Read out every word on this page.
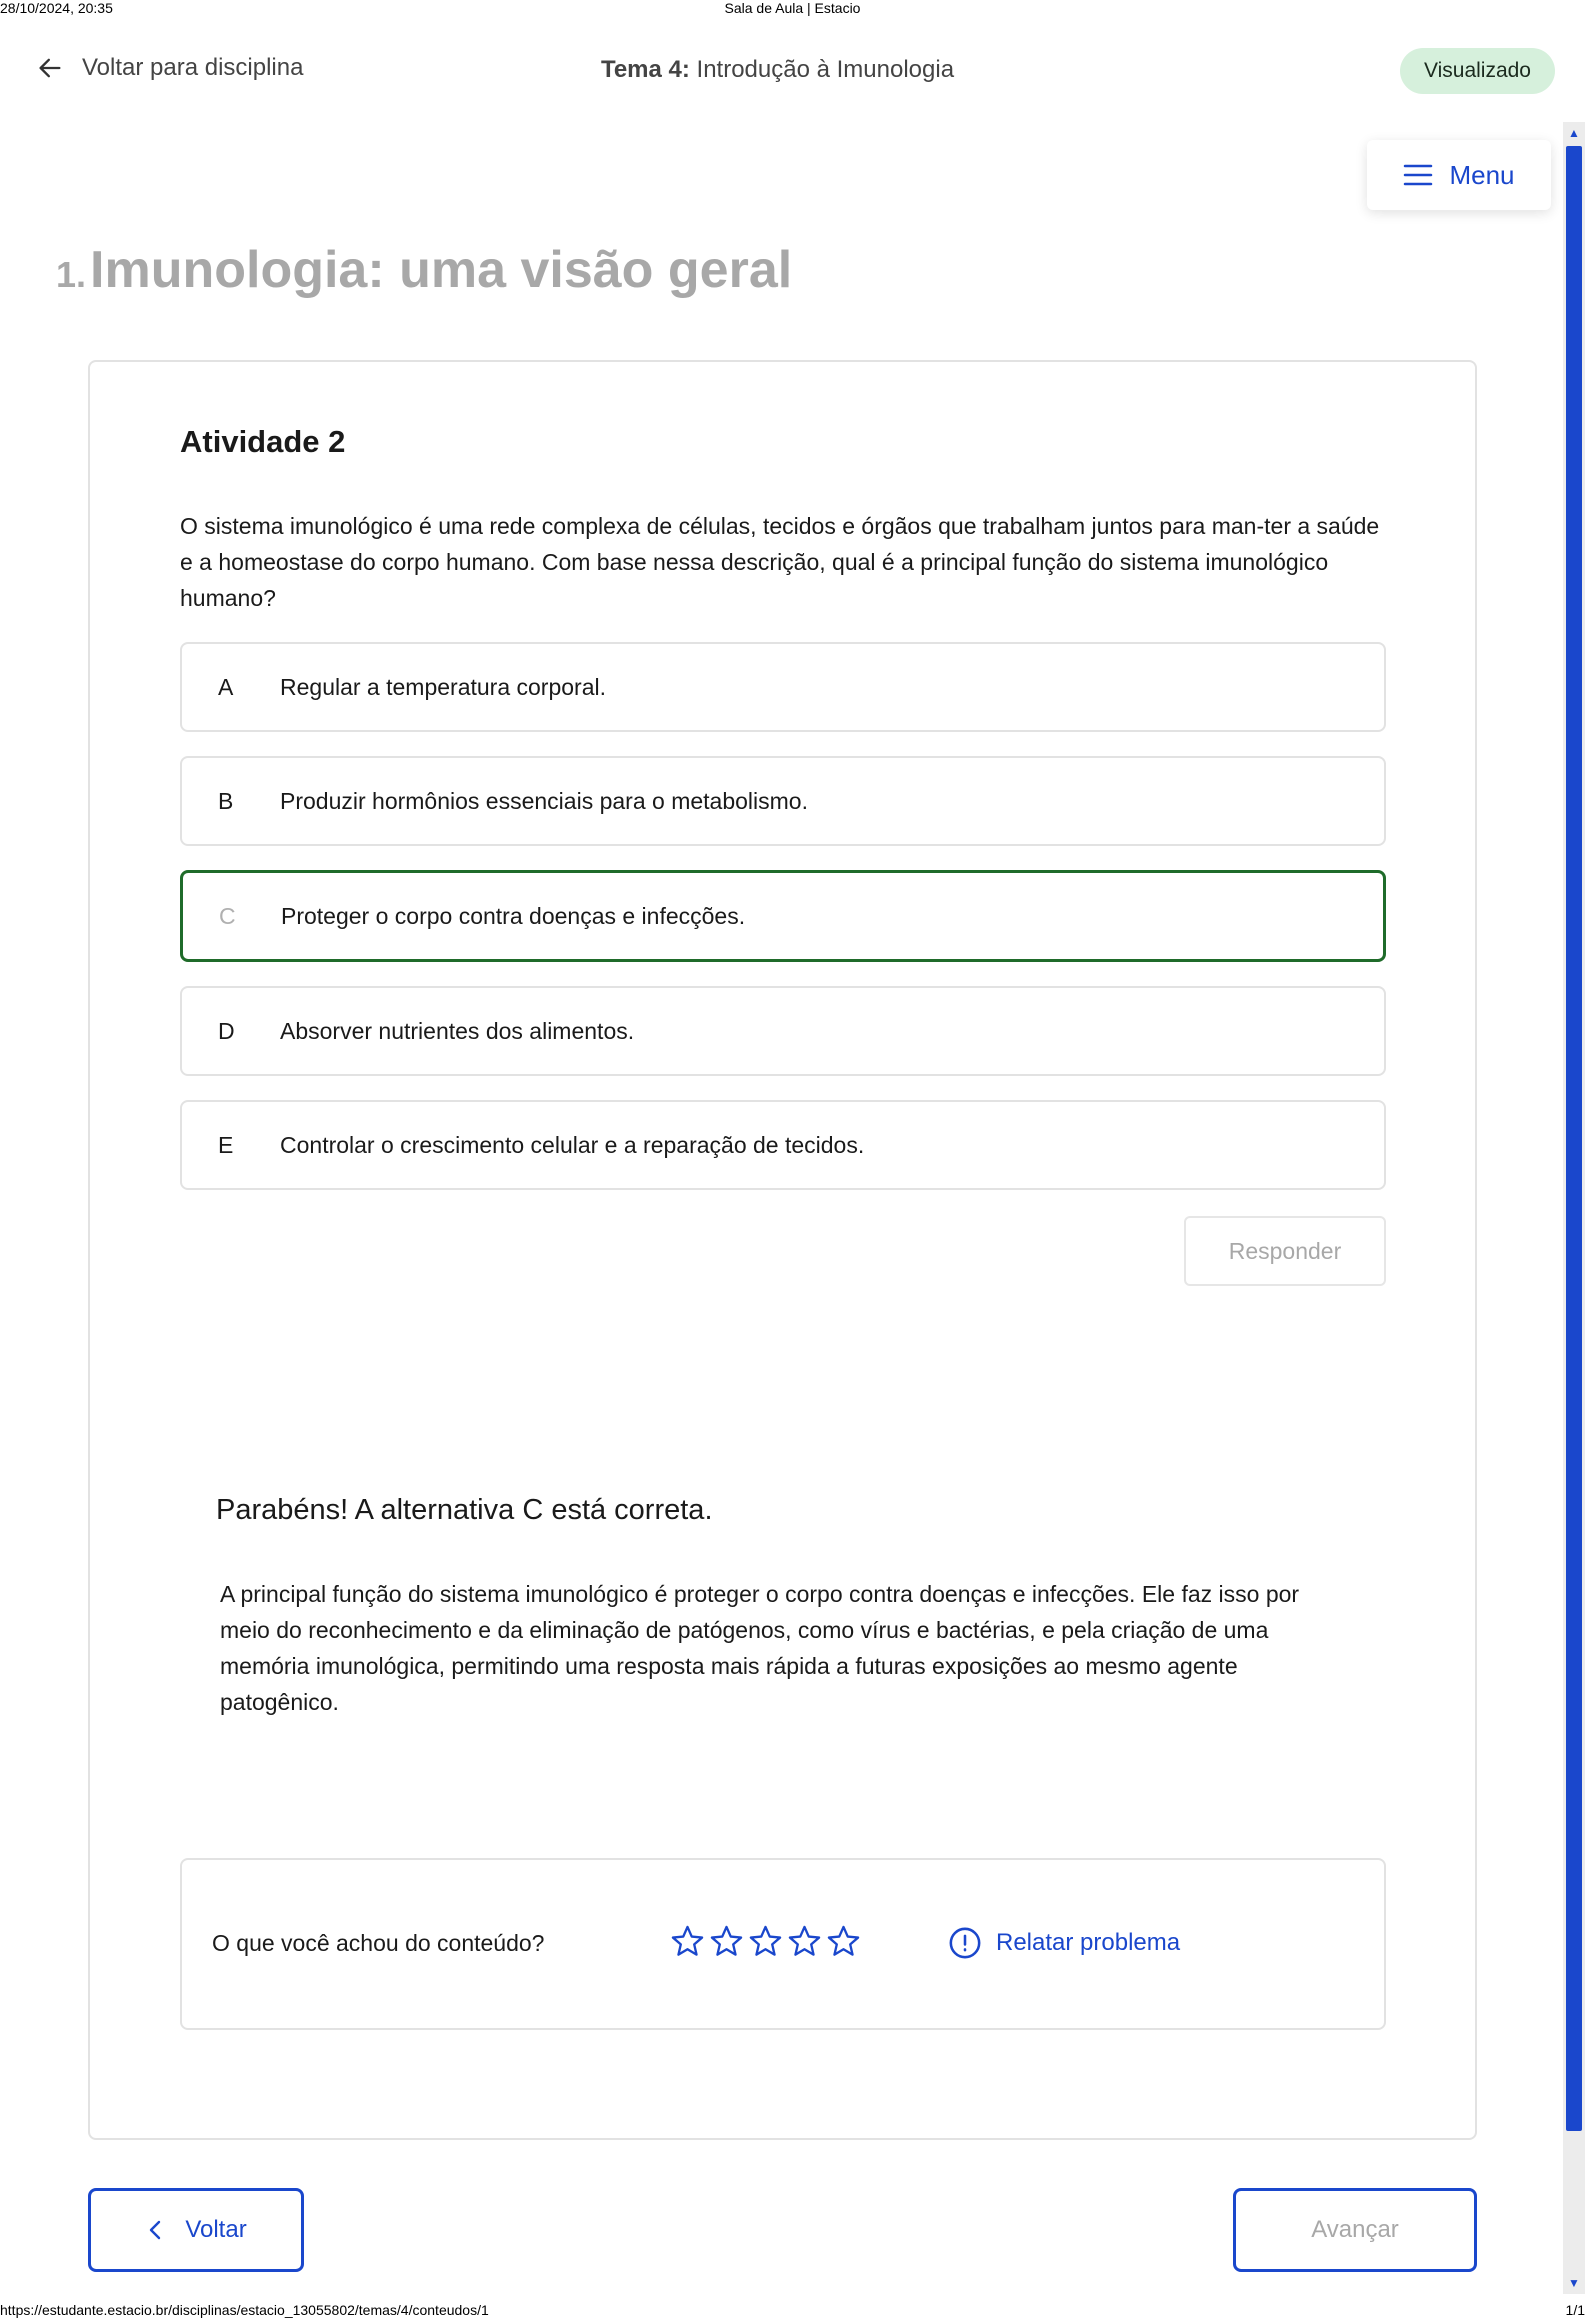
28/10/2024, 20:35	Sala de Aula | Estacio
Voltar para disciplina	Tema 4: Introdução à Imunologia	Visualizado
▲
▼
Menu
1.Imunologia: uma visão geral
Atividade 2
O sistema imunológico é uma rede complexa de células, tecidos e órgãos que trabalham juntos para man-ter a saúde e a homeostase do corpo humano. Com base nessa descrição, qual é a principal função do sistema imunológico humano?
A	Regular a temperatura corporal.
B	Produzir hormônios essenciais para o metabolismo.
C	Proteger o corpo contra doenças e infecções.
D	Absorver nutrientes dos alimentos.
E	Controlar o crescimento celular e a reparação de tecidos.
Responder
Parabéns! A alternativa C está correta.
A principal função do sistema imunológico é proteger o corpo contra doenças e infecções. Ele faz isso por meio do reconhecimento e da eliminação de patógenos, como vírus e bactérias, e pela criação de uma memória imunológica, permitindo uma resposta mais rápida a futuras exposições ao mesmo agente patogênico.
O que você achou do conteúdo?	Relatar problema
Voltar	Avançar
https://estudante.estacio.br/disciplinas/estacio_13055802/temas/4/conteudos/1	1/1
